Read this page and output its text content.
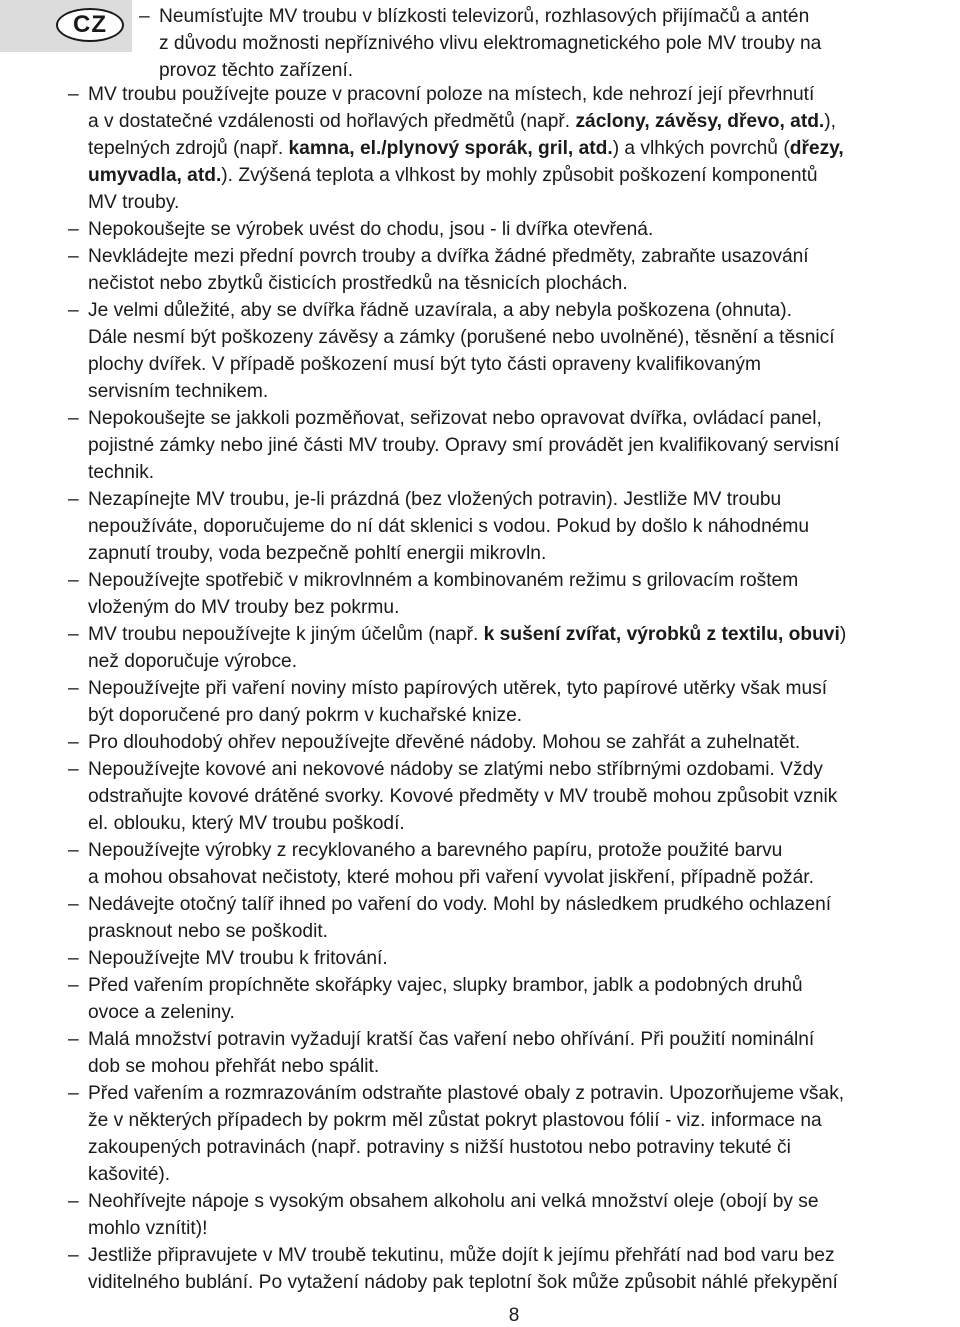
CZ	– Neumísťujte MV troubu v blízkosti televizorů, rozhlasových přijímačů a antén
z důvodu možnosti nepříznivého vlivu elektromagnetického pole MV trouby na
provoz těchto zařízení.
– MV troubu používejte pouze v pracovní poloze na místech, kde nehrozí její převrhnutí
a v dostatečné vzdálenosti od hořlavých předmětů (např. záclony, závěsy, dřevo, atd.),
tepelných zdrojů (např. kamna, el./plynový sporák, gril, atd.) a vlhkých povrchů (dřezy,
umyvadla, atd.). Zvýšená teplota a vlhkost by mohly způsobit poškození komponentů
MV trouby.
– Nepokoušejte se výrobek uvést do chodu, jsou - li dvířka otevřená.
– Nevkládejte mezi přední povrch trouby a dvířka žádné předměty, zabraňte usazování
nečistot nebo zbytků čisticích prostředků na těsnicích plochách.
– Je velmi důležité, aby se dvířka řádně uzavírala, a aby nebyla poškozena (ohnuta).
Dále nesmí být poškozeny závěsy a zámky (porušené nebo uvolněné), těsnění a těsnicí
plochy dvířek. V případě poškození musí být tyto části opraveny kvalifikovaným
servisním technikem.
– Nepokoušejte se jakkoli pozměňovat, seřizovat nebo opravovat dvířka, ovládací panel,
pojistné zámky nebo jiné části MV trouby. Opravy smí provádět jen kvalifikovaný servisní
technik.
– Nezapínejte MV troubu, je-li prázdná (bez vložených potravin). Jestliže MV troubu
nepoužíváte, doporučujeme do ní dát sklenici s vodou. Pokud by došlo k náhodnému
zapnutí trouby, voda bezpečně pohltí energii mikrovln.
– Nepoužívejte spotřebič v mikrovlnném a kombinovaném režimu s grilovacím roštem
vloženým do MV trouby bez pokrmu.
– MV troubu nepoužívejte k jiným účelům (např. k sušení zvířat, výrobků z textilu, obuvi)
než doporučuje výrobce.
– Nepoužívejte při vaření noviny místo papírových utěrek, tyto papírové utěrky však musí
být doporučené pro daný pokrm v kuchařské knize.
– Pro dlouhodobý ohřev nepoužívejte dřevěné nádoby. Mohou se zahřát a zuhelnatět.
– Nepoužívejte kovové ani nekovové nádoby se zlatými nebo stříbrnými ozdobami. Vždy
odstraňujte kovové drátěné svorky. Kovové předměty v MV troubě mohou způsobit vznik
el. oblouku, který MV troubu poškodí.
– Nepoužívejte výrobky z recyklovaného a barevného papíru, protože použité barvu
a mohou obsahovat nečistoty, které mohou při vaření vyvolat jiskření, případně požár.
– Nedávejte otočný talíř ihned po vaření do vody. Mohl by následkem prudkého ochlazení
prasknout nebo se poškodit.
– Nepoužívejte MV troubu k fritování.
– Před vařením propíchněte skořápky vajec, slupky brambor, jablk a podobných druhů
ovoce a zeleniny.
– Malá množství potravin vyžadují kratší čas vaření nebo ohřívání. Při použití nominální
dob se mohou přehřát nebo spálit.
– Před vařením a rozmrazováním odstraňte plastové obaly z potravin. Upozorňujeme však,
že v některých případech by pokrm měl zůstat pokryt plastovou fólií - viz. informace na
zakoupených potravinách (např. potraviny s nižší hustotou nebo potraviny tekuté či
kašovité).
– Neohřívejte nápoje s vysokým obsahem alkoholu ani velká množství oleje (obojí by se
mohlo vznítit)!
– Jestliže připravujete v MV troubě tekutinu, může dojít k jejímu přehřátí nad bod varu bez
viditelného bublání. Po vytažení nádoby pak teplotní šok může způsobit náhlé překypění
8
